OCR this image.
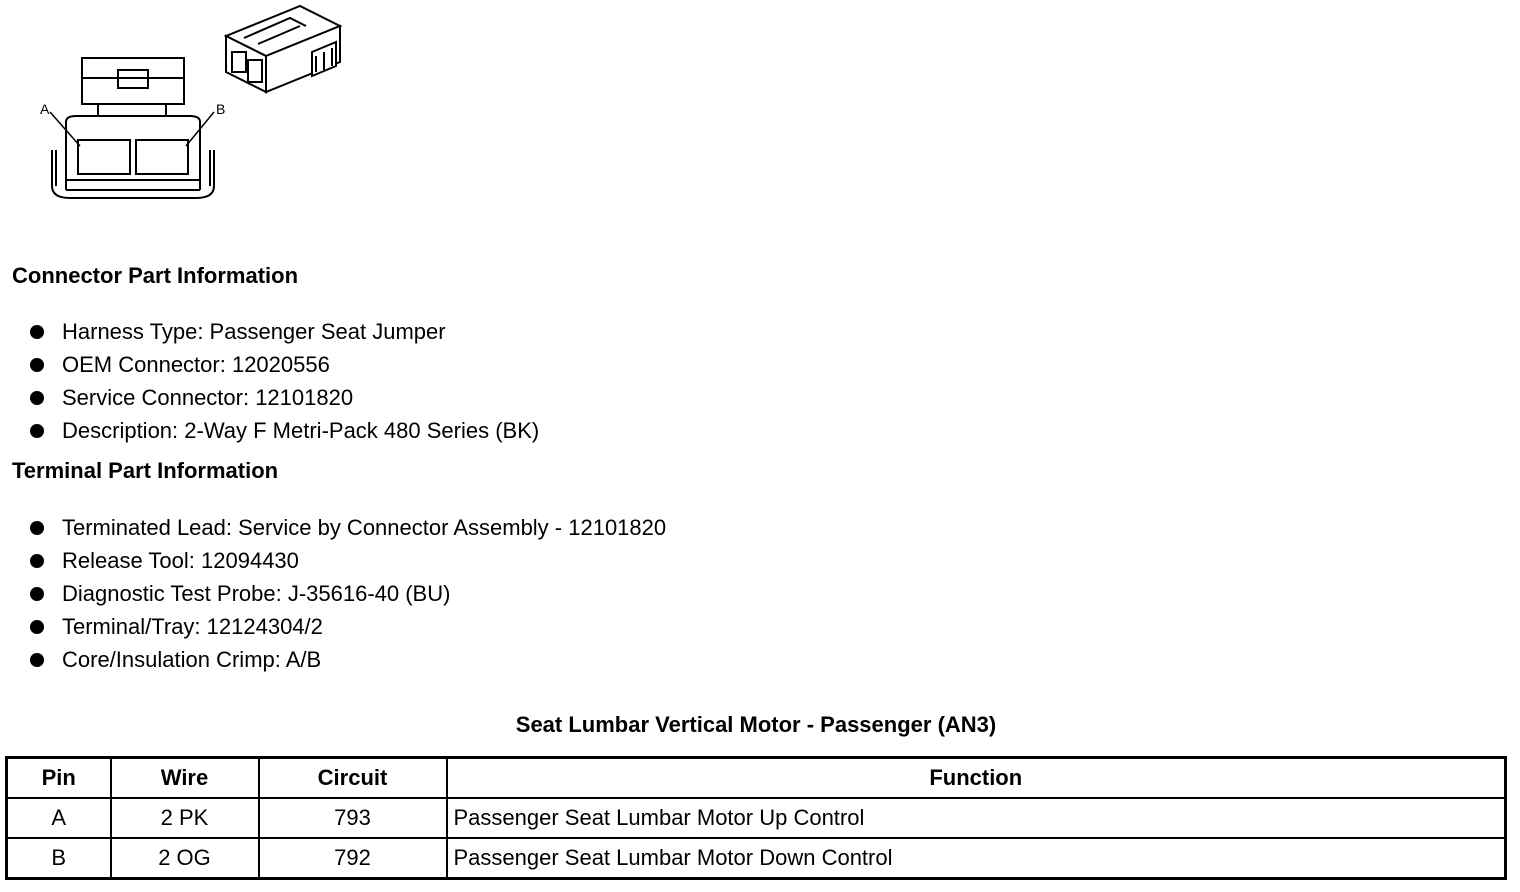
A	B
Connector Part Information
Harness Type: Passenger Seat Jumper
OEM Connector: 12020556
Service Connector: 12101820
Description: 2-Way F Metri-Pack 480 Series (BK)
Terminal Part Information
Terminated Lead: Service by Connector Assembly - 12101820
Release Tool: 12094430
Diagnostic Test Probe: J-35616-40 (BU)
Terminal/Tray: 12124304/2
Core/Insulation Crimp: A/B
Seat Lumbar Vertical Motor - Passenger (AN3)
Pin	Wire	Circuit	Function
A	2 PK	793	Passenger Seat Lumbar Motor Up Control
B	2 OG	792	Passenger Seat Lumbar Motor Down Control
